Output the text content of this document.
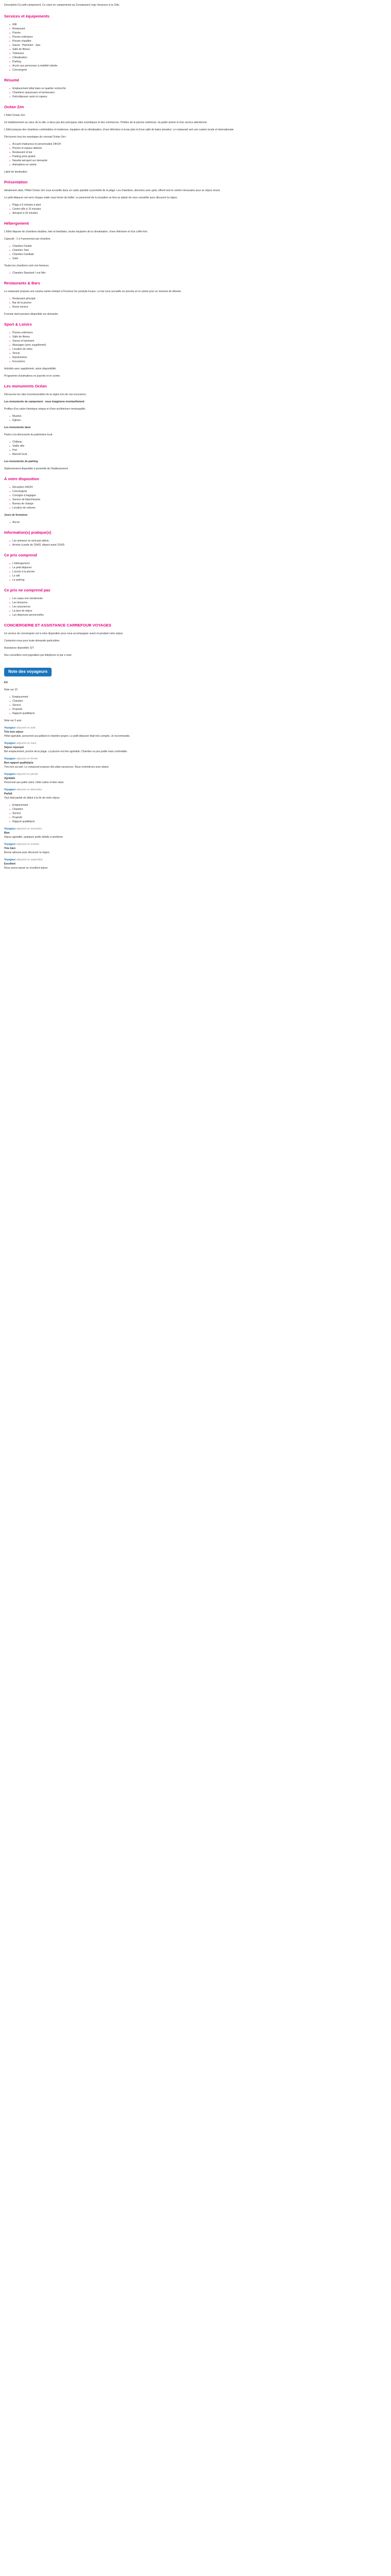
Description:Ce petit campement. Ce cœur en campements au Connaissent Legs Vacances à la Côte.

Services et équipements
● Wifi
● Restaurant
● Piscine
● Piscine extérieure
● Piscine chauffée
● Sauna - Hammam - Spa
● Salle de fitness
● Télévision
● Climatisation
● Parking
● Accès aux personnes à mobilité réduite
● Conciergerie
Résumé
● Emplacement idéal dans un quartier recherché
● Chambres spacieuses et lumineuses
● Petit-déjeuner varié et copieux
Océan Zen

L'hôtel Océan Zen

Un établissement au cœur de la ville, à deux pas des principaux sites touristiques et des commerces. Profitez de la piscine extérieure, du jardin arboré et d'un service attentionné.

L'hôtel propose des chambres confortables et modernes, équipées de la climatisation, d'une télévision à écran plat et d'une salle de bains privative. Le restaurant sert une cuisine locale et internationale.

Découvrez tous les avantages du concept Océan Zen :

● Accueil chaleureux et personnalisé 24h/24
● Piscine et espace détente
● Restaurant et bar
● Parking privé gratuit
● Navette aéroport sur demande
● Animations en soirée

Label de destination

Présentation

Idéalement situé, l'Hôtel Océan Zen vous accueille dans un cadre paisible à proximité de la plage. Les chambres, décorées avec goût, offrent tout le confort nécessaire pour un séjour réussi.

Le petit-déjeuner est servi chaque matin sous forme de buffet. Le personnel de la réception se fera un plaisir de vous conseiller pour découvrir la région.

● Plage à 5 minutes à pied
● Centre-ville à 10 minutes
● Aéroport à 20 minutes
Hébergement

L'hôtel dispose de chambres doubles, twin et familiales, toutes équipées de la climatisation, d'une télévision et d'un coffre-fort.

Capacité : 2 à 4 personnes par chambre.

● Chambre Double
● Chambre Twin
● Chambre Familiale
● Suite

Toutes les chambres sont non-fumeurs.

● Chambre Standard / vue Mer
Restaurants & Bars

Le restaurant propose une cuisine variée mettant à l'honneur les produits locaux. Le bar vous accueille en journée et en soirée pour un moment de détente.

● Restaurant principal
● Bar de la piscine
● Room service

Formule demi-pension disponible sur demande.

Sport & Loisirs
● Piscine extérieure
● Salle de fitness
● Sauna et hammam
● Massages (avec supplément)
● Location de vélos
● Tennis
● Randonnées
● Excursions

Activités avec supplément, selon disponibilité.

Programme d'animations en journée et en soirée.

Les monuments Océan

Découvrez les sites incontournables de la région lors de vos excursions.

Les monuments du campement - nous imaginons éventuellement

Profitez d'un cadre historique unique et d'une architecture remarquable.

● Musées
● Églises

Les monuments dans

Partez à la découverte du patrimoine local.

● Château
● Vieille ville
● Port
● Marché local

Les monuments du parking

Stationnement disponible à proximité de l'établissement.

À votre disposition
● Réception 24h/24
● Conciergerie
● Consigne à bagages
● Service de blanchisserie
● Bureau de change
● Location de voitures

Jours de fermeture

● Aucun
Information(s) pratique(s)
● Les animaux ne sont pas admis.
● Arrivée à partir de 15h00, départ avant 11h00.
Ce prix comprend
● L'hébergement
● Le petit-déjeuner
● L'accès à la piscine
● Le wifi
● Le parking
Ce prix ne comprend pas
● Les repas non mentionnés
● Les boissons
● Les assurances
● La taxe de séjour
● Les dépenses personnelles
CONCIERGERIE ET ASSISTANCE CARREFOUR VOYAGES

Un service de conciergerie est à votre disposition pour vous accompagner avant et pendant votre séjour.

Contactez-nous pour toute demande particulière.

Assistance disponible 7j/7.

Nos conseillers sont joignables par téléphone et par e-mail.

Note des voyageurs

8.6

Note sur 10

● Emplacement
● Chambre
● Service
● Propreté
● Rapport qualité/prix

Note sur 5 avis

Voyageur séjourné en avril

Très bon séjour

Hôtel agréable, personnel accueillant et chambre propre. Le petit-déjeuner était très complet. Je recommande.

Voyageur séjourné en mars

Séjour reposant

Bel emplacement, proche de la plage. La piscine est très agréable. Chambre un peu petite mais confortable.

Voyageur séjourné en février

Bon rapport qualité/prix

Très bon accueil. Le restaurant propose des plats savoureux. Nous reviendrons avec plaisir.

Voyageur séjourné en janvier

Agréable

Personnel aux petits soins, hôtel calme et bien situé.

Voyageur séjourné en décembre

Parfait

Tout était parfait du début à la fin de notre séjour.

● Emplacement
● Chambre
● Service
● Propreté
● Rapport qualité/prix

Voyageur séjourné en novembre

Bien

Séjour agréable, quelques petits détails à améliorer.

Voyageur séjourné en octobre

Très bien

Bonne adresse pour découvrir la région.

Voyageur séjourné en septembre

Excellent

Nous avons passé un excellent séjour.
